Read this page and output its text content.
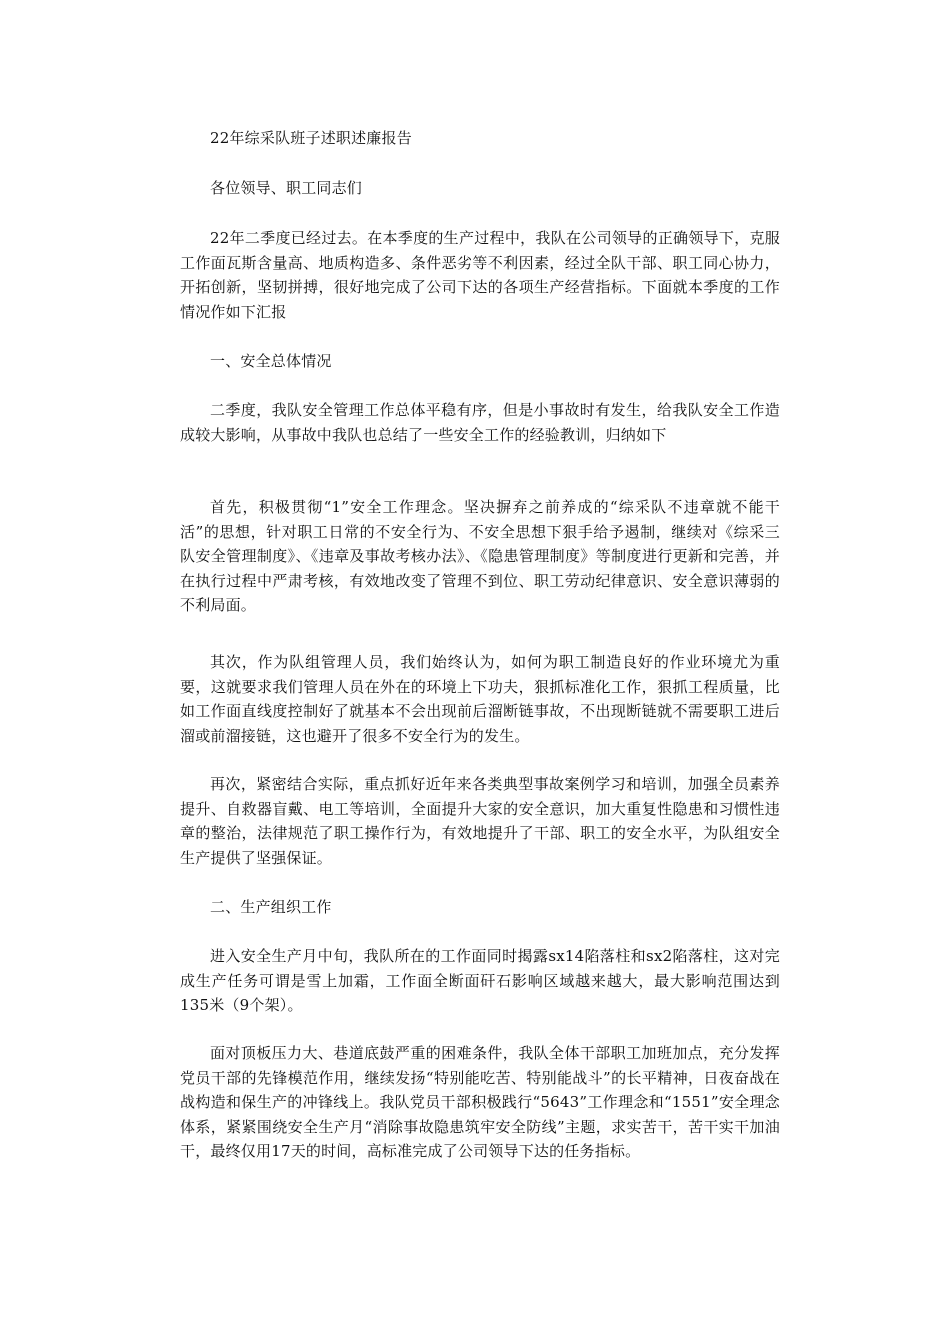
22年综采队班子述职述廉报告

各位领导、职工同志们

22年二季度已经过去。在本季度的生产过程中，我队在公司领导的正确领导下，克服工作面瓦斯含量高、地质构造多、条件恶劣等不利因素，经过全队干部、职工同心协力，开拓创新，坚韧拼搏，很好地完成了公司下达的各项生产经营指标。下面就本季度的工作情况作如下汇报

一、安全总体情况

二季度，我队安全管理工作总体平稳有序，但是小事故时有发生，给我队安全工作造成较大影响，从事故中我队也总结了一些安全工作的经验教训，归纳如下

首先，积极贯彻“1”安全工作理念。坚决摒弃之前养成的“综采队不违章就不能干活”的思想，针对职工日常的不安全行为、不安全思想下狠手给予遏制，继续对《综采三队安全管理制度》、《违章及事故考核办法》、《隐患管理制度》等制度进行更新和完善，并在执行过程中严肃考核，有效地改变了管理不到位、职工劳动纪律意识、安全意识薄弱的不利局面。

其次，作为队组管理人员，我们始终认为，如何为职工制造良好的作业环境尤为重要，这就要求我们管理人员在外在的环境上下功夫，狠抓标准化工作，狠抓工程质量，比如工作面直线度控制好了就基本不会出现前后溜断链事故，不出现断链就不需要职工进后溜或前溜接链，这也避开了很多不安全行为的发生。

再次，紧密结合实际，重点抓好近年来各类典型事故案例学习和培训，加强全员素养提升、自救器盲戴、电工等培训，全面提升大家的安全意识，加大重复性隐患和习惯性违章的整治，法律规范了职工操作行为，有效地提升了干部、职工的安全水平，为队组安全生产提供了坚强保证。

二、生产组织工作

进入安全生产月中旬，我队所在的工作面同时揭露sx14陷落柱和sx2陷落柱，这对完成生产任务可谓是雪上加霜，工作面全断面矸石影响区域越来越大，最大影响范围达到135米（9个架）。

面对顶板压力大、巷道底鼓严重的困难条件，我队全体干部职工加班加点，充分发挥党员干部的先锋模范作用，继续发扬“特别能吃苦、特别能战斗”的长平精神，日夜奋战在战构造和保生产的冲锋线上。我队党员干部积极践行“5643”工作理念和“1551”安全理念体系，紧紧围绕安全生产月“消除事故隐患筑牢安全防线”主题，求实苦干，苦干实干加油干，最终仅用17天的时间，高标准完成了公司领导下达的任务指标。
